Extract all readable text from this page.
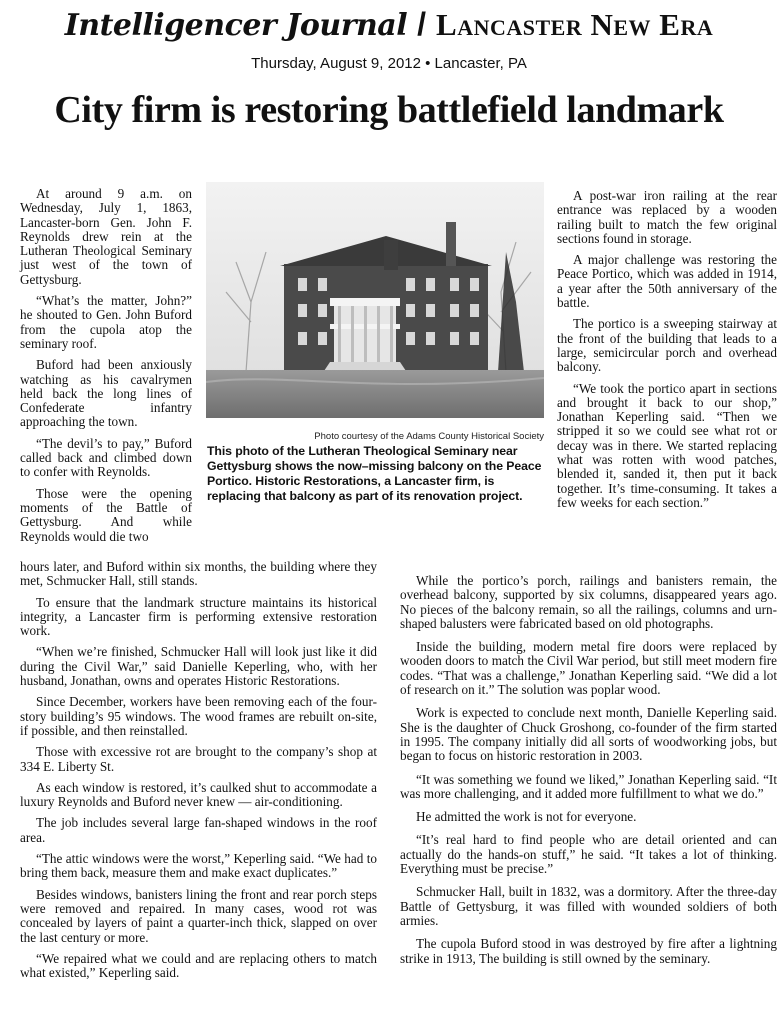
Intelligencer Journal / Lancaster New Era
Thursday, August 9, 2012 • Lancaster, PA
City firm is restoring battlefield landmark

At around 9 a.m. on Wednesday, July 1, 1863, Lancaster-born Gen. John F. Reynolds drew rein at the Lutheran Theological Seminary just west of the town of Gettysburg.

“What’s the matter, John?” he shouted to Gen. John Buford from the cupola atop the seminary roof.

Buford had been anxiously watching as his cavalrymen held back the long lines of Confederate infantry approaching the town.

“The devil’s to pay,” Buford called back and climbed down to confer with Reynolds.

Those were the opening moments of the Battle of Gettysburg. And while Reynolds would die two

Photo courtesy of the Adams County Historical Society
This photo of the Lutheran Theological Seminary near Gettysburg shows the now–missing balcony on the Peace Portico. Historic Restorations, a Lancaster firm, is replacing that balcony as part of its renovation project.

hours later, and Buford within six months, the building where they met, Schmucker Hall, still stands.

To ensure that the landmark structure maintains its historical integrity, a Lancaster firm is performing extensive restoration work.

“When we’re finished, Schmucker Hall will look just like it did during the Civil War,” said Danielle Keperling, who, with her husband, Jonathan, owns and operates Historic Restorations.

Since December, workers have been removing each of the four-story building’s 95 windows. The wood frames are rebuilt on-site, if possible, and then reinstalled.

Those with excessive rot are brought to the company’s shop at 334 E. Liberty St.

As each window is restored, it’s caulked shut to accommodate a luxury Reynolds and Buford never knew — air-conditioning.

The job includes several large fan-shaped windows in the roof area.

“The attic windows were the worst,” Keperling said. “We had to bring them back, measure them and make exact duplicates.”

Besides windows, banisters lining the front and rear porch steps were removed and repaired. In many cases, wood rot was concealed by layers of paint a quarter-inch thick, slapped on over the last century or more.

“We repaired what we could and are replacing others to match what existed,” Keperling said.

A post-war iron railing at the rear entrance was replaced by a wooden railing built to match the few original sections found in storage.

A major challenge was restoring the Peace Portico, which was added in 1914, a year after the 50th anniversary of the battle.

The portico is a sweeping stairway at the front of the building that leads to a large, semicircular porch and overhead balcony.

“We took the portico apart in sections and brought it back to our shop,” Jonathan Keperling said. “Then we stripped it so we could see what rot or decay was in there. We started replacing what was rotten with wood patches, blended it, sanded it, then put it back together. It’s time-consuming. It takes a few weeks for each section.”

While the portico’s porch, railings and banisters remain, the overhead balcony, supported by six columns, disappeared years ago. No pieces of the balcony remain, so all the railings, columns and urn-shaped balusters were fabricated based on old photographs.

Inside the building, modern metal fire doors were replaced by wooden doors to match the Civil War period, but still meet modern fire codes. “That was a challenge,” Jonathan Keperling said. “We did a lot of research on it.” The solution was poplar wood.

Work is expected to conclude next month, Danielle Keperling said. She is the daughter of Chuck Groshong, co-founder of the firm started in 1995. The company initially did all sorts of woodworking jobs, but began to focus on historic restoration in 2003.

“It was something we found we liked,” Jonathan Keperling said. “It was more challenging, and it added more fulfillment to what we do.”

He admitted the work is not for everyone.

“It’s real hard to find people who are detail oriented and can actually do the hands-on stuff,” he said. “It takes a lot of thinking. Everything must be precise.”

Schmucker Hall, built in 1832, was a dormitory. After the three-day Battle of Gettysburg, it was filled with wounded soldiers of both armies.

The cupola Buford stood in was destroyed by fire after a lightning strike in 1913, The building is still owned by the seminary.
